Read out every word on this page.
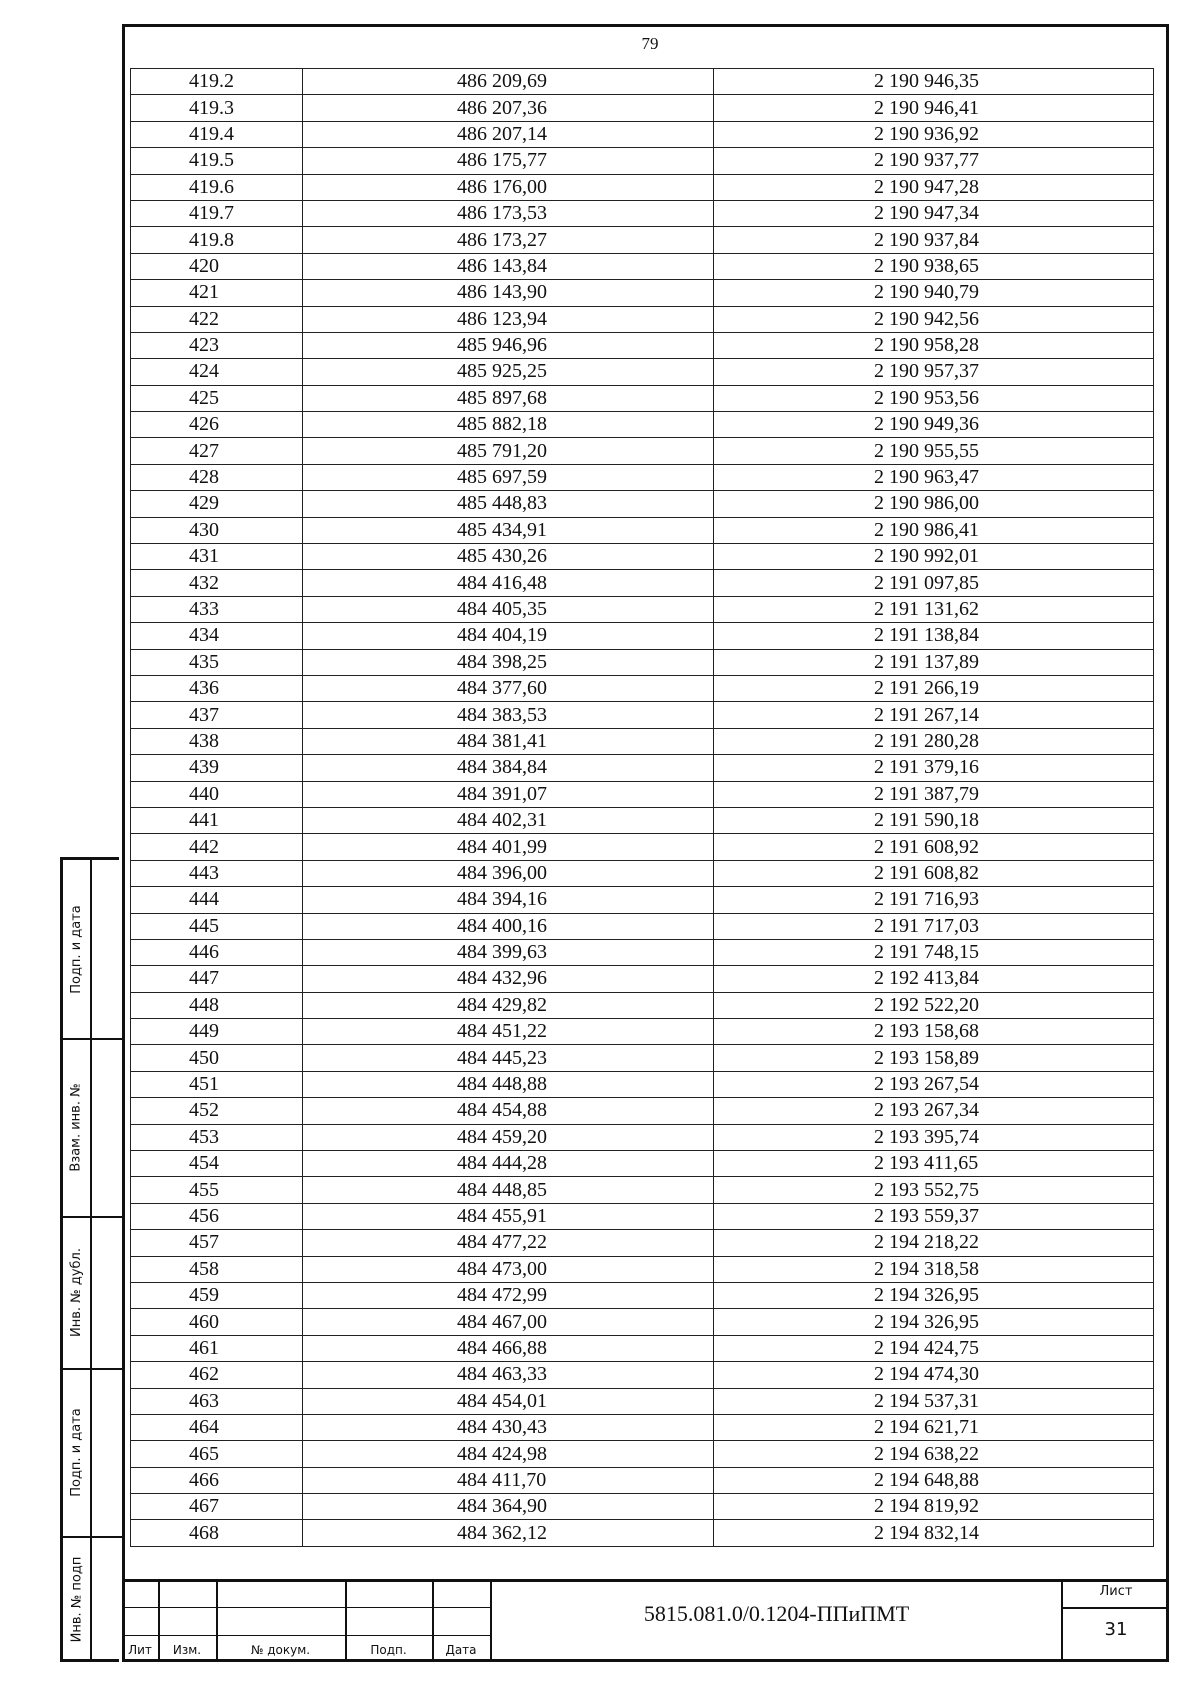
79
419.2	486 209,69	2 190 946,35
419.3	486 207,36	2 190 946,41
419.4	486 207,14	2 190 936,92
419.5	486 175,77	2 190 937,77
419.6	486 176,00	2 190 947,28
419.7	486 173,53	2 190 947,34
419.8	486 173,27	2 190 937,84
420	486 143,84	2 190 938,65
421	486 143,90	2 190 940,79
422	486 123,94	2 190 942,56
423	485 946,96	2 190 958,28
424	485 925,25	2 190 957,37
425	485 897,68	2 190 953,56
426	485 882,18	2 190 949,36
427	485 791,20	2 190 955,55
428	485 697,59	2 190 963,47
429	485 448,83	2 190 986,00
430	485 434,91	2 190 986,41
431	485 430,26	2 190 992,01
432	484 416,48	2 191 097,85
433	484 405,35	2 191 131,62
434	484 404,19	2 191 138,84
435	484 398,25	2 191 137,89
436	484 377,60	2 191 266,19
437	484 383,53	2 191 267,14
438	484 381,41	2 191 280,28
439	484 384,84	2 191 379,16
440	484 391,07	2 191 387,79
441	484 402,31	2 191 590,18
442	484 401,99	2 191 608,92
443	484 396,00	2 191 608,82
444	484 394,16	2 191 716,93
445	484 400,16	2 191 717,03
446	484 399,63	2 191 748,15
447	484 432,96	2 192 413,84
448	484 429,82	2 192 522,20
449	484 451,22	2 193 158,68
450	484 445,23	2 193 158,89
451	484 448,88	2 193 267,54
452	484 454,88	2 193 267,34
453	484 459,20	2 193 395,74
454	484 444,28	2 193 411,65
455	484 448,85	2 193 552,75
456	484 455,91	2 193 559,37
457	484 477,22	2 194 218,22
458	484 473,00	2 194 318,58
459	484 472,99	2 194 326,95
460	484 467,00	2 194 326,95
461	484 466,88	2 194 424,75
462	484 463,33	2 194 474,30
463	484 454,01	2 194 537,31
464	484 430,43	2 194 621,71
465	484 424,98	2 194 638,22
466	484 411,70	2 194 648,88
467	484 364,90	2 194 819,92
468	484 362,12	2 194 832,14
Подп. и дата
Взам. инв. №
Инв. № дубл.
Подп. и дата
Инв. № подп
Лит	Изм.	№ докум.	Подп.	Дата
5815.081.0/0.1204-ППиПМТ
Лист
31
